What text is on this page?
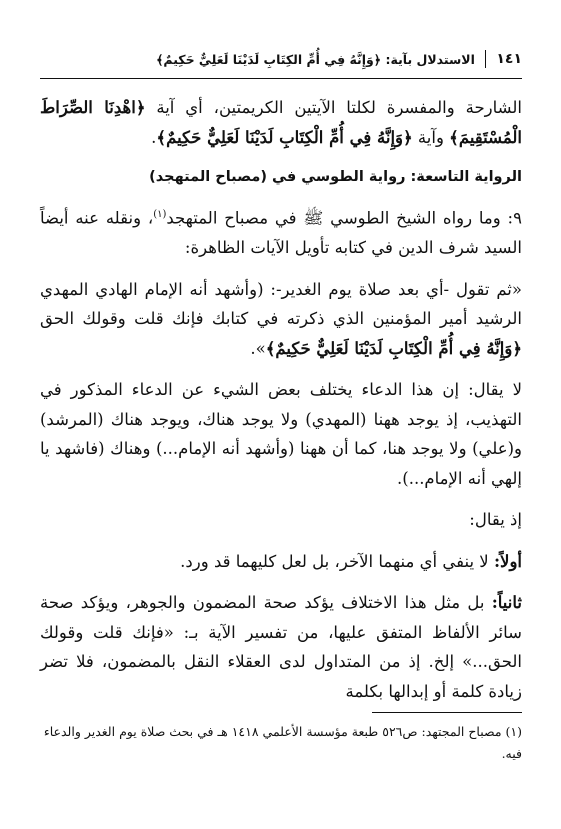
١٤١
الاستدلال بآية: ﴿وَإِنَّهُ فِي أُمِّ الكِتَابِ لَدَيْنَا لَعَلِيٌّ حَكِيمٌ﴾

الشارحة والمفسرة لكلتا الآيتين الكريمتين، أي آية ﴿اهْدِنَا الصِّرَاطَ الْمُسْتَقِيمَ﴾ وآية ﴿وَإِنَّهُ فِي أُمِّ الْكِتَابِ لَدَيْنَا لَعَلِيٌّ حَكِيمٌ﴾.

الرواية التاسعة: رواية الطوسي في (مصباح المتهجد)

٩: وما رواه الشيخ الطوسي ﷺ في مصباح المتهجد$^{(١)}$، ونقله عنه أيضاً السيد شرف الدين في كتابه تأويل الآيات الظاهرة:

«ثم تقول -أي بعد صلاة يوم الغدير-: (وأشهد أنه الإمام الهادي المهدي الرشيد أمير المؤمنين الذي ذكرته في كتابك فإنك قلت وقولك الحق ﴿وَإِنَّهُ فِي أُمِّ الْكِتَابِ لَدَيْنَا لَعَلِيٌّ حَكِيمٌ﴾».

لا يقال: إن هذا الدعاء يختلف بعض الشيء عن الدعاء المذكور في التهذيب، إذ يوجد ههنا (المهدي) ولا يوجد هناك، ويوجد هناك (المرشد) و(علي) ولا يوجد هنا، كما أن ههنا (وأشهد أنه الإمام...) وهناك (فاشهد يا إلهي أنه الإمام...).

إذ يقال:

أولاً: لا ينفي أي منهما الآخر، بل لعل كليهما قد ورد.

ثانياً: بل مثل هذا الاختلاف يؤكد صحة المضمون والجوهر، ويؤكد صحة سائر الألفاظ المتفق عليها، من تفسير الآية بـ: «فإنك قلت وقولك الحق...» إلخ. إذ من المتداول لدى العقلاء النقل بالمضمون، فلا تضر زيادة كلمة أو إبدالها بكلمة

(١) مصباح المجتهد: ص٥٢٦ طبعة مؤسسة الأعلمي ١٤١٨ هـ في بحث صلاة يوم الغدير والدعاء فيه.
